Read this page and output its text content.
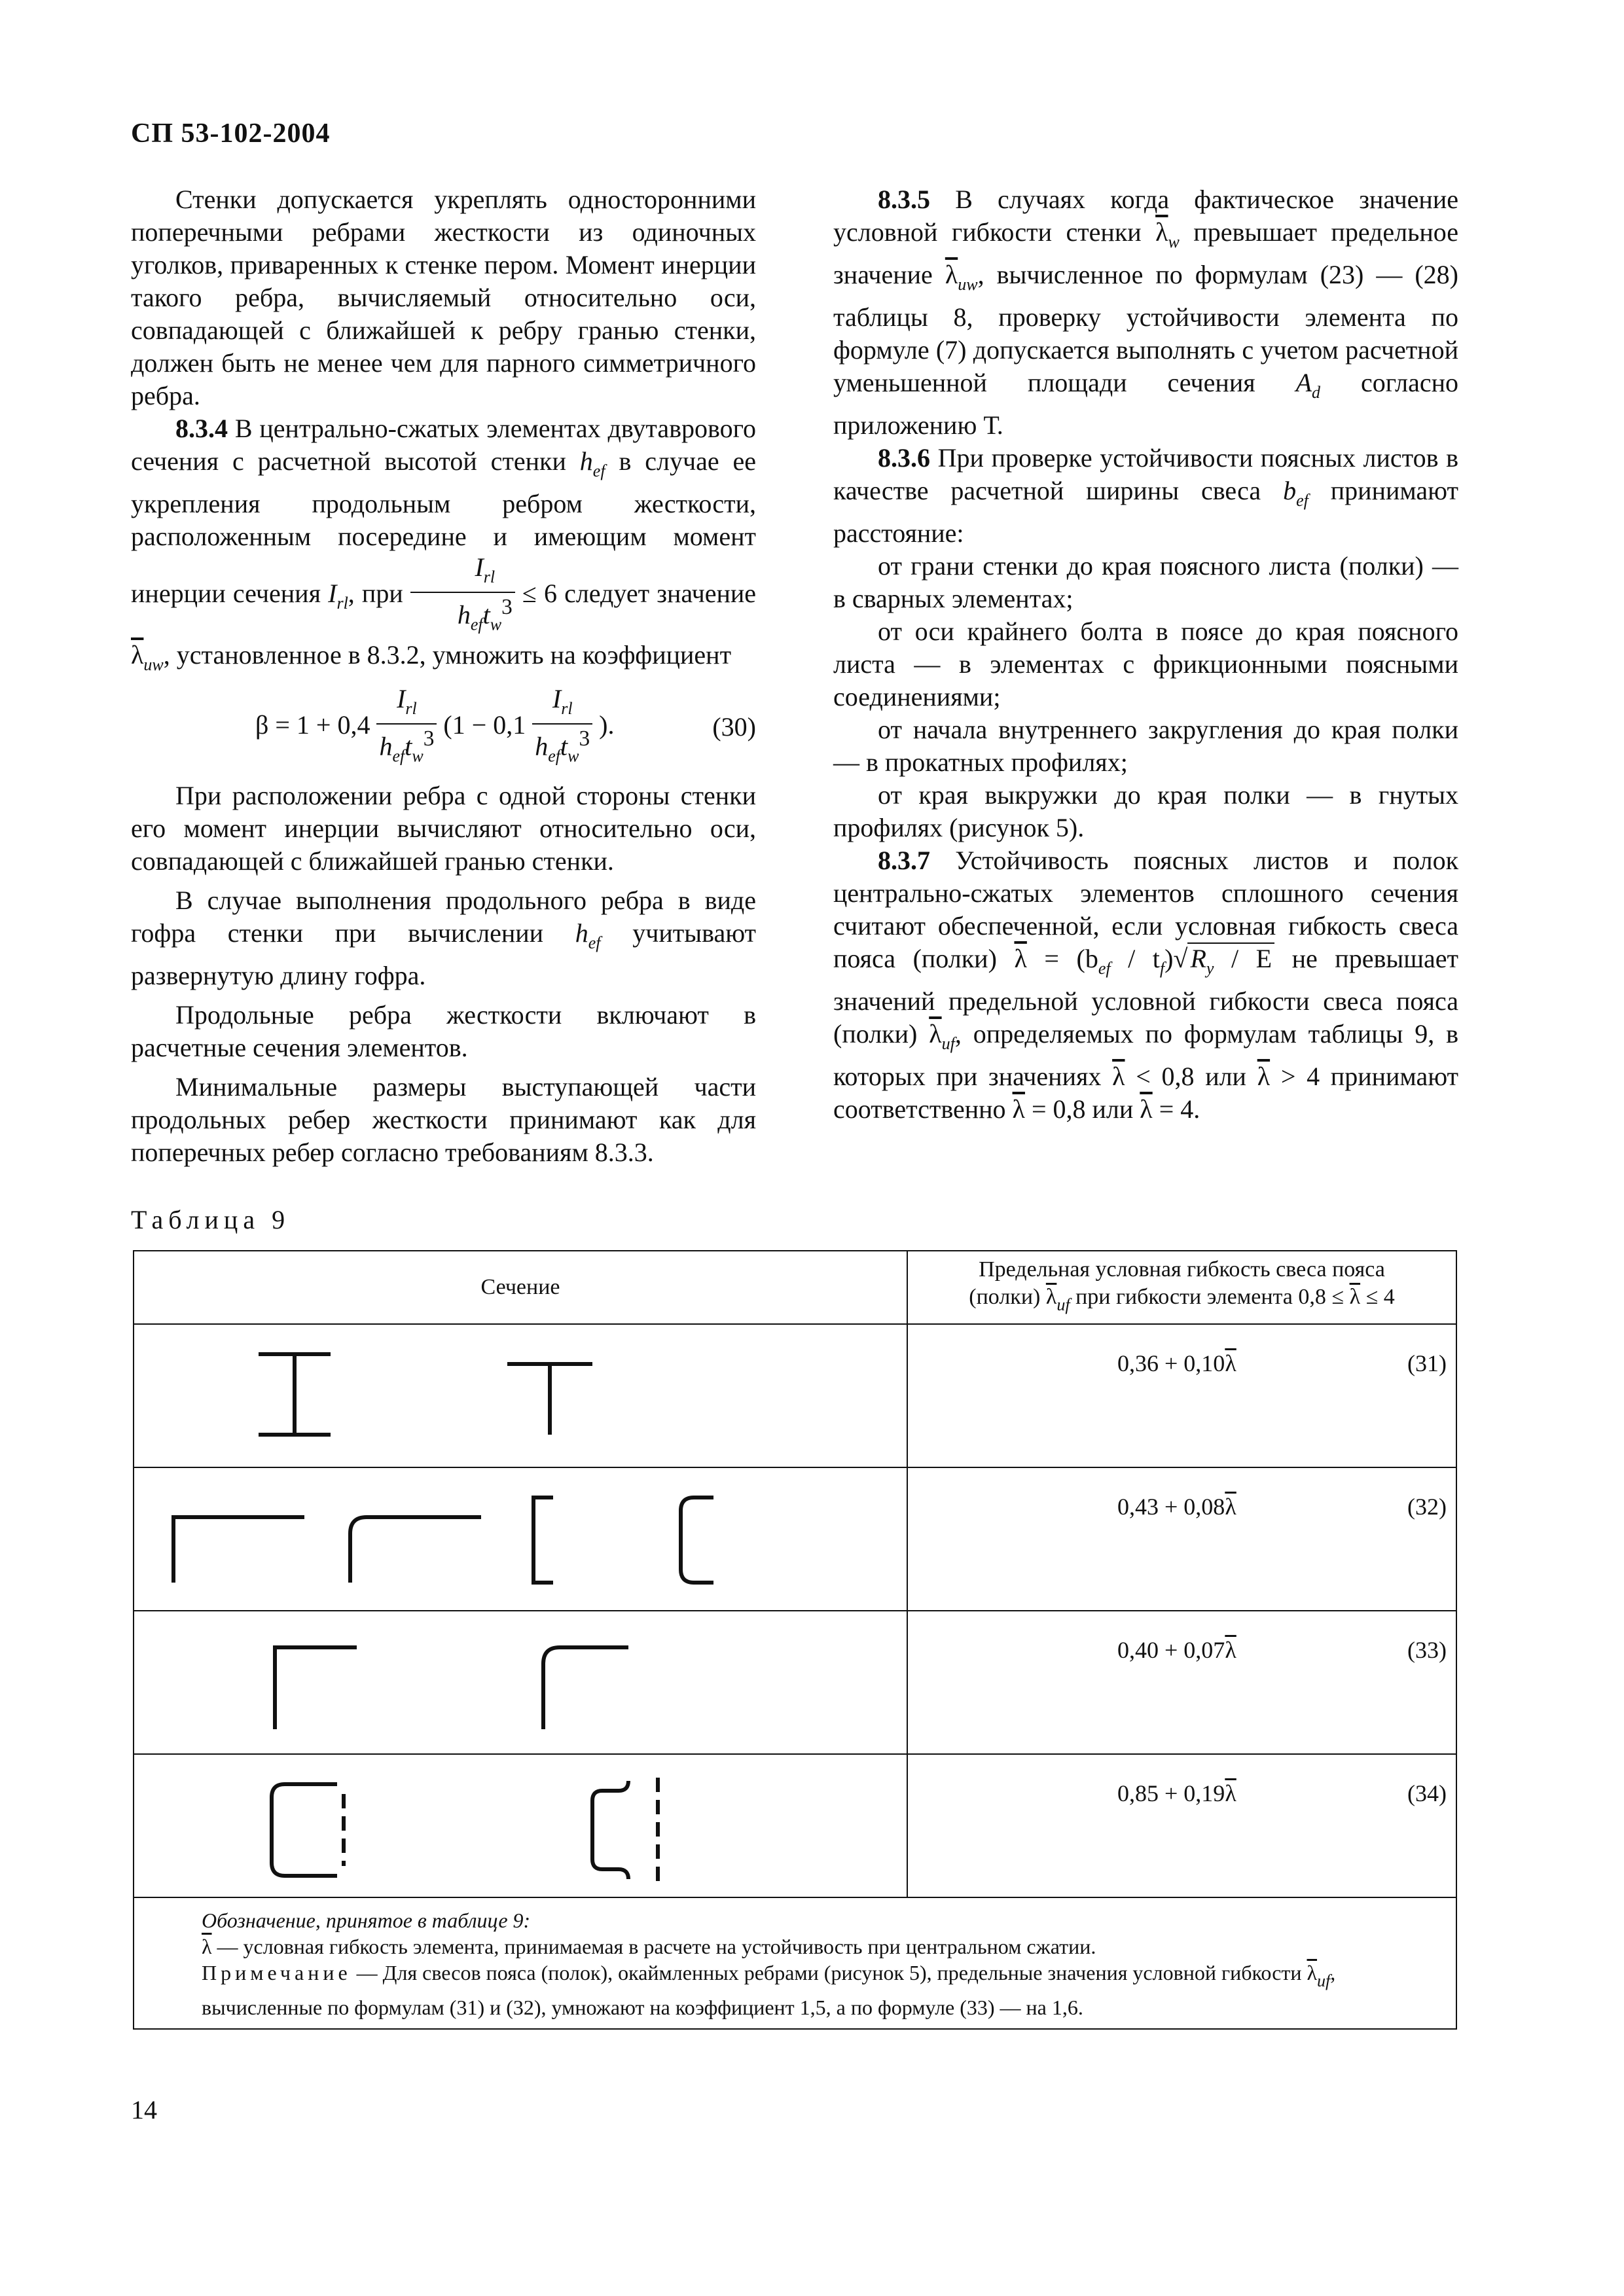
СП 53-102-2004

Стенки допускается укреплять односторонними поперечными ребрами жесткости из одиночных уголков, приваренных к стенке пером. Момент инерции такого ребра, вычисляемый относительно оси, совпадающей с ближайшей к ребру гранью стенки, должен быть не менее чем для парного симметричного ребра.

8.3.4 В центрально-сжатых элементах двутаврового сечения с расчетной высотой стенки $h_{ef}$ в случае ее укрепления продольным ребром жесткости, расположенным посередине и имеющим момент инерции сечения $I_{rl}$, при $\frac{I_{rl}}{h_{ef}t_w^3} \le 6$ следует значение $\overline{\lambda}_{uw}$, установленное в 8.3.2, умножить на коэффициент

$\beta = 1 + 0,4 \frac{I_{rl}}{h_{ef}t_w^3} (1 - 0,1 \frac{I_{rl}}{h_{ef}t_w^3}$ ).	(30)

При расположении ребра с одной стороны стенки его момент инерции вычисляют относительно оси, совпадающей с ближайшей гранью стенки.

В случае выполнения продольного ребра в виде гофра стенки при вычислении $h_{ef}$ учитывают развернутую длину гофра.

Продольные ребра жесткости включают в расчетные сечения элементов.

Минимальные размеры выступающей части продольных ребер жесткости принимают как для поперечных ребер согласно требованиям 8.3.3.

8.3.5 В случаях когда фактическое значение условной гибкости стенки $\overline{\lambda}_w$ превышает предельное значение $\overline{\lambda}_{uw}$, вычисленное по формулам (23) — (28) таблицы 8, проверку устойчивости элемента по формуле (7) допускается выполнять с учетом расчетной уменьшенной площади сечения $A_d$ согласно приложению Т.

8.3.6 При проверке устойчивости поясных листов в качестве расчетной ширины свеса $b_{ef}$ принимают расстояние:

от грани стенки до края поясного листа (полки) — в сварных элементах;

от оси крайнего болта в поясе до края поясного листа — в элементах с фрикционными поясными соединениями;

от начала внутреннего закругления до края полки — в прокатных профилях;

от края выкружки до края полки — в гнутых профилях (рисунок 5).

8.3.7 Устойчивость поясных листов и полок центрально-сжатых элементов сплошного сечения считают обеспеченной, если условная гибкость свеса пояса (полки) $\overline{\lambda} = (b_{ef} / t_f)√$ $R_y$ / E не превышает значений предельной условной гибкости свеса пояса (полки) $\overline{\lambda}_{uf}$, определяемых по формулам таблицы 9, в которых при значениях $\overline{\lambda} < 0,8$ или $\overline{\lambda} > 4$ принимают соответственно $\overline{\lambda} = 0,8$ или $\overline{\lambda} = 4$.

Таблица 9
Сечение	Предельная условная гибкость свеса пояса
(полки) $\overline{\lambda}_{uf}$ при гибкости элемента $0,8 \le \overline{\lambda} \le 4$

$0,36 + 0,10\overline{\lambda}$ (31)

$0,43 + 0,08\overline{\lambda}$ (32)

$0,40 + 0,07\overline{\lambda}$ (33)

$0,85 + 0,19\overline{\lambda}$ (34)

Обозначение, принятое в таблице 9:

$\overline{\lambda}$ — условная гибкость элемента, принимаемая в расчете на устойчивость при центральном сжатии.

Примечание — Для свесов пояса (полок), окаймленных ребрами (рисунок 5), предельные значения условной гибкости $\overline{\lambda}_{uf}$, вычисленные по формулам (31) и (32), умножают на коэффициент 1,5, а по формуле (33) — на 1,6.	

14
